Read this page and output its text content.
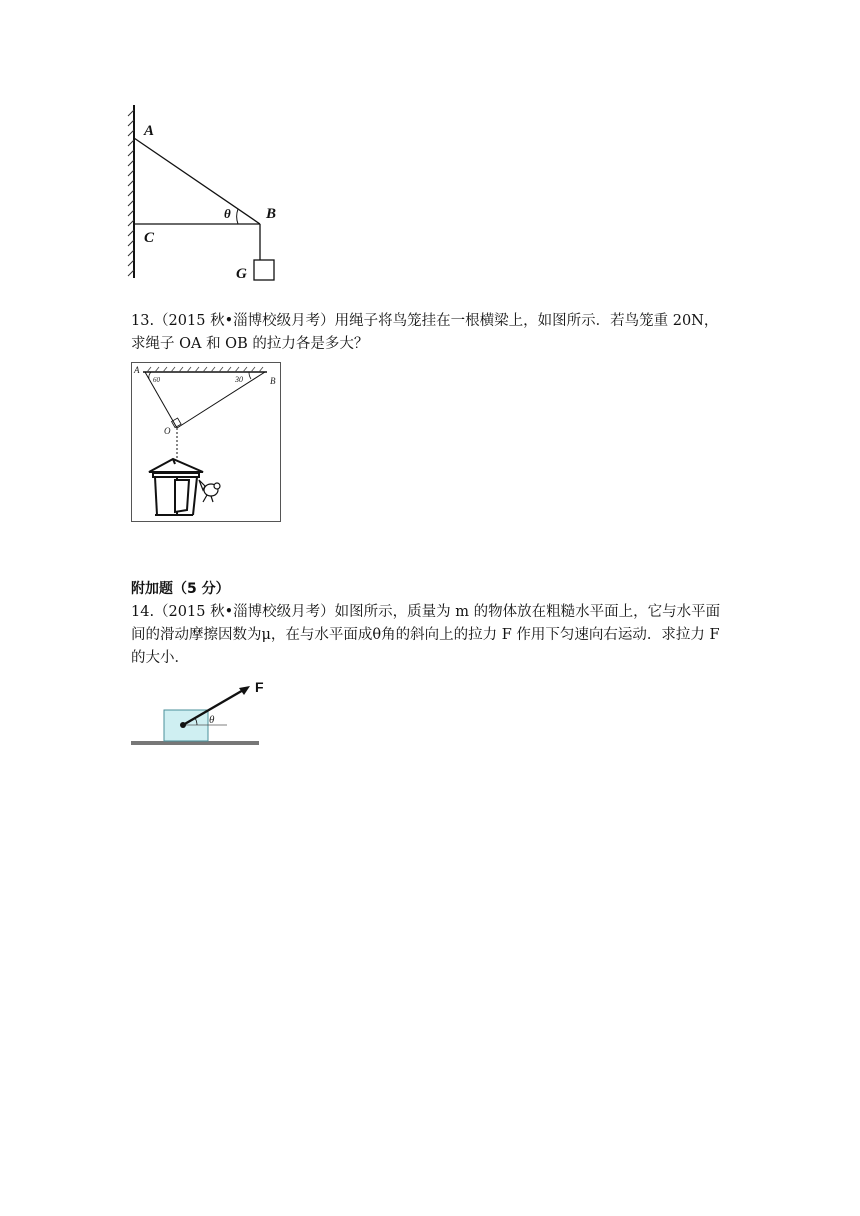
A
B
C
G
θ
13.（2015 秋•淄博校级月考）用绳子将鸟笼挂在一根横梁上，如图所示．若鸟笼重 20N，
求绳子 OA 和 OB 的拉力各是多大？
A
B
O
60	30
附加题（5 分）
14.（2015 秋•淄博校级月考）如图所示，质量为 m 的物体放在粗糙水平面上，它与水平面
间的滑动摩擦因数为μ，在与水平面成θ角的斜向上的拉力 F 作用下匀速向右运动．求拉力 F
的大小．
F
θ
